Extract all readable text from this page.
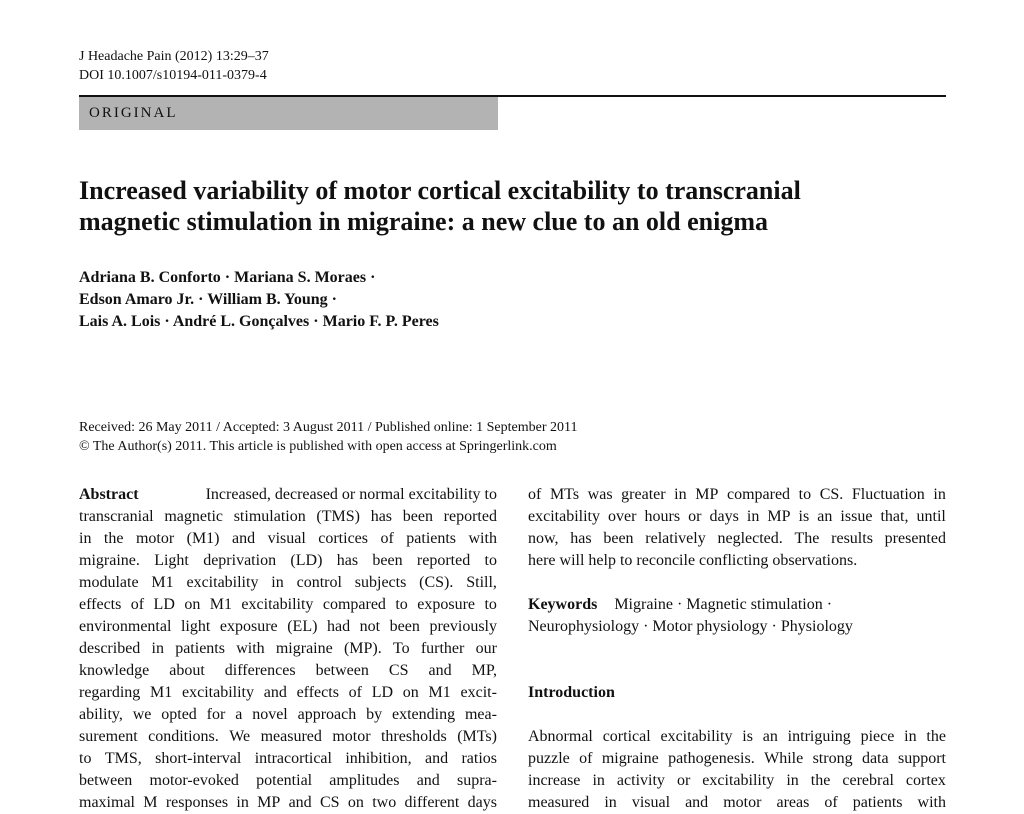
J Headache Pain (2012) 13:29–37
DOI 10.1007/s10194-011-0379-4
ORIGINAL
Increased variability of motor cortical excitability to transcranial
magnetic stimulation in migraine: a new clue to an old enigma
Adriana B. Conforto · Mariana S. Moraes ·
Edson Amaro Jr. · William B. Young ·
Lais A. Lois · André L. Gonçalves · Mario F. P. Peres
Received: 26 May 2011 / Accepted: 3 August 2011 / Published online: 1 September 2011
© The Author(s) 2011. This article is published with open access at Springerlink.com
Abstract	Increased, decreased or normal excitability to
transcranial magnetic stimulation (TMS) has been reported
in the motor (M1) and visual cortices of patients with
migraine. Light deprivation (LD) has been reported to
modulate M1 excitability in control subjects (CS). Still,
effects of LD on M1 excitability compared to exposure to
environmental light exposure (EL) had not been previously
described in patients with migraine (MP). To further our
knowledge about differences between CS and MP,
regarding M1 excitability and effects of LD on M1 excit-
ability, we opted for a novel approach by extending mea-
surement conditions. We measured motor thresholds (MTs)
to TMS, short-interval intracortical inhibition, and ratios
between motor-evoked potential amplitudes and supra-
maximal M responses in MP and CS on two different days
of MTs was greater in MP compared to CS. Fluctuation in
excitability over hours or days in MP is an issue that, until
now, has been relatively neglected. The results presented
here will help to reconcile conflicting observations.
Keywords Migraine · Magnetic stimulation ·
Neurophysiology · Motor physiology · Physiology
Introduction
Abnormal cortical excitability is an intriguing piece in the
puzzle of migraine pathogenesis. While strong data support
increase in activity or excitability in the cerebral cortex
measured in visual and motor areas of patients with
